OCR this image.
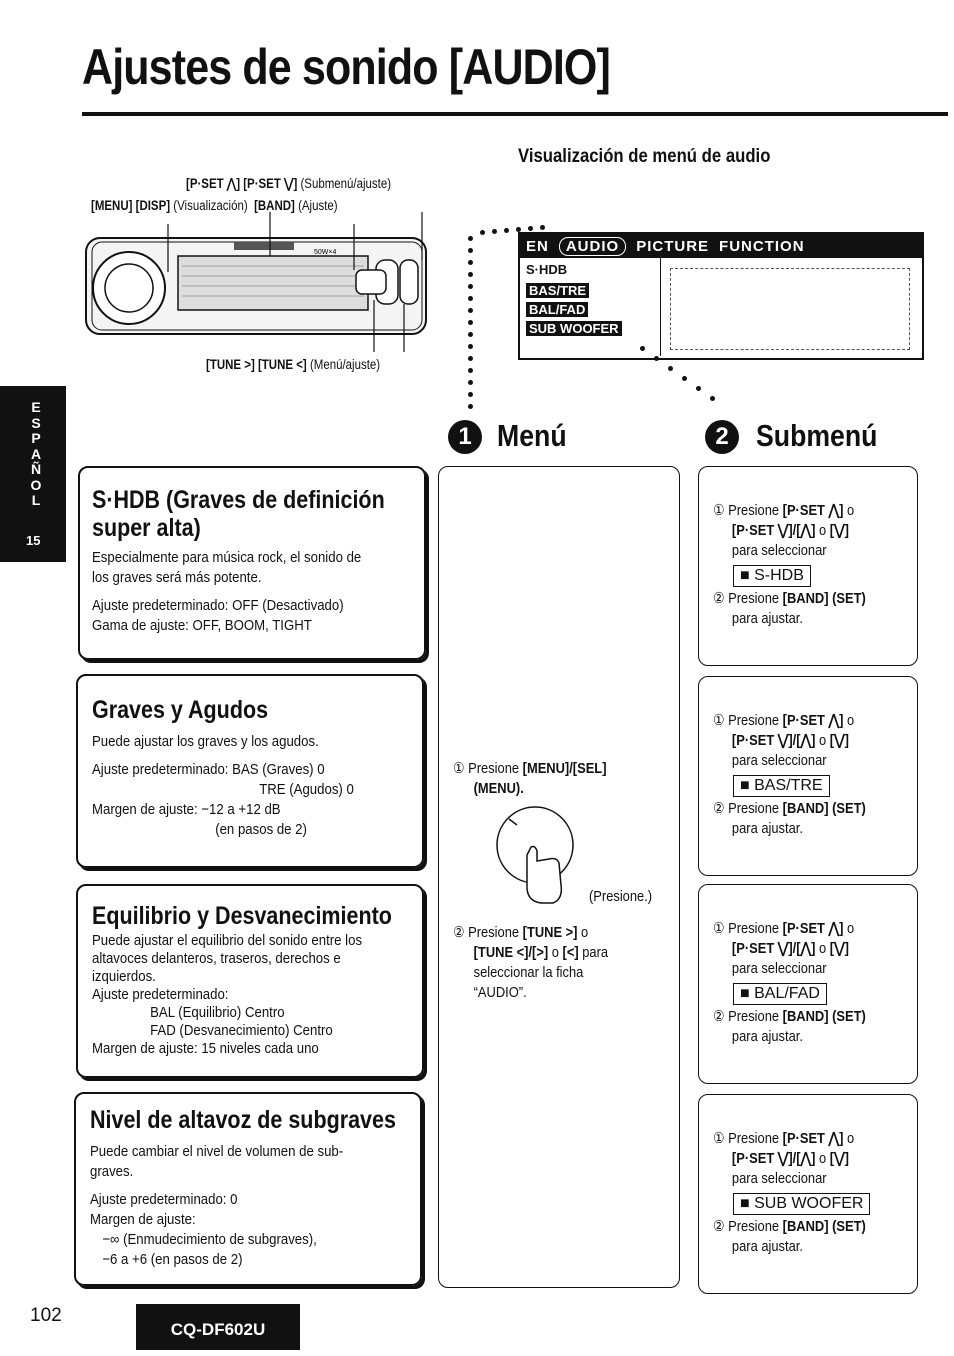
Ajustes de sonido [AUDIO]
E
S
P
A
Ñ
O
L
15
Visualización de menú de audio
[P·SET ⋀] [P·SET ⋁] (Submenú/ajuste)
[MENU] [DISP] (Visualización) [BAND] (Ajuste)
[TUNE >] [TUNE <] (Menú/ajuste)
50W×4	EN	AUDIO	PICTURE FUNCTION
S·HDB
BAS/TRE
BAL/FAD
SUB WOOFER
1 Menú	2 Submenú
S·HDB (Graves de definición
super alta)

Especialmente para música rock, el sonido de

los graves será más potente.

Ajuste predeterminado: OFF (Desactivado)

Gama de ajuste: OFF, BOOM, TIGHT

Graves y Agudos

Puede ajustar los graves y los agudos.

Ajuste predeterminado: BAS (Graves) 0

TRE (Agudos) 0

Margen de ajuste: −12 a +12 dB

(en pasos de 2)

Equilibrio y Desvanecimiento

Puede ajustar el equilibrio del sonido entre los

altavoces delanteros, traseros, derechos e

izquierdos.

Ajuste predeterminado:

BAL (Equilibrio) Centro

FAD (Desvanecimiento) Centro

Margen de ajuste: 15 niveles cada uno

Nivel de altavoz de subgraves

Puede cambiar el nivel de volumen de sub-

graves.

Ajuste predeterminado: 0

Margen de ajuste:

−∞ (Enmudecimiento de subgraves),

−6 a +6 (en pasos de 2)

① Presione [MENU]/[SEL]
(MENU).
(Presione.)
② Presione [TUNE >] o
[TUNE <]/[>] o [<] para
seleccionar la ficha
“AUDIO”.
① Presione [P·SET ⋀] o
[P·SET ⋁]/[⋀] o [⋁]
para seleccionar
■ S-HDB
② Presione [BAND] (SET)
para ajustar.
① Presione [P·SET ⋀] o
[P·SET ⋁]/[⋀] o [⋁]
para seleccionar
■ BAS/TRE
② Presione [BAND] (SET)
para ajustar.
① Presione [P·SET ⋀] o
[P·SET ⋁]/[⋀] o [⋁]
para seleccionar
■ BAL/FAD
② Presione [BAND] (SET)
para ajustar.
① Presione [P·SET ⋀] o
[P·SET ⋁]/[⋀] o [⋁]
para seleccionar
■ SUB WOOFER
② Presione [BAND] (SET)
para ajustar.
102
CQ-DF602U
